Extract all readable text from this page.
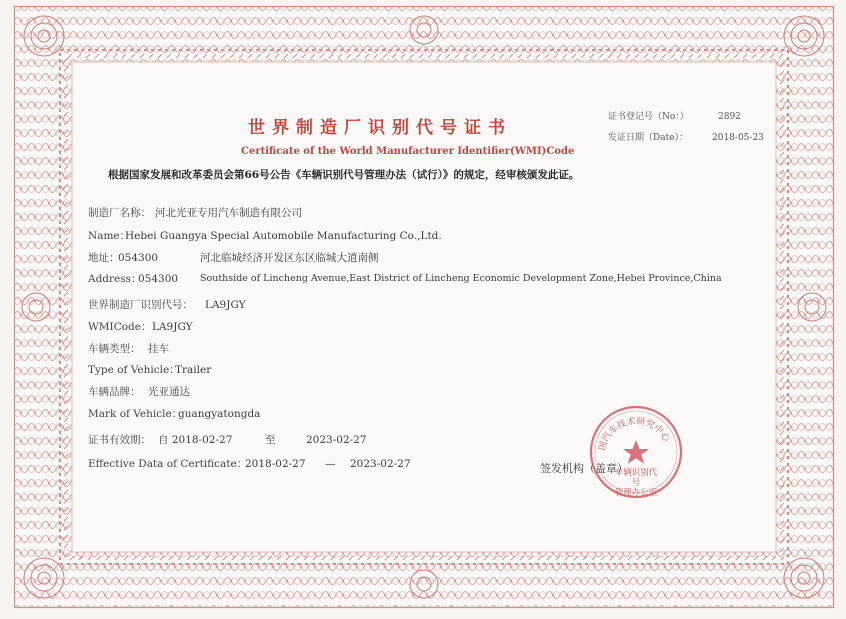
世界制造厂识别代号证书
Certificate of the World Manufacturer Identifier(WMI)Code
证书登记号（No：）	2892
发证日期（Date）：	2018-05-23
根据国家发展和改革委员会第66号公告《车辆识别代号管理办法（试行）》的规定，经审核颁发此证。
制造厂名称： 河北光亚专用汽车制造有限公司
Name：
Hebei Guangya Special Automobile Manufacturing Co.,Ltd.
地址：
054300	河北临城经济开发区东区临城大道南侧
Address：
054300 Southside of Lincheng Avenue,East District of Lincheng Economic Development Zone,Hebei Province,China
世界制造厂识别代号： LA9JGY
WMICode： LA9JGY
车辆类型： 挂车
Type of Vehicle：
Trailer
车辆品牌： 光亚通达
Mark of Vehicle：
guangyatongda
证书有效期： 自 2018-02-27	至	2023-02-27
Effective Data of Certificate：
2018-02-27 — 2023-02-27	签发机构（盖章）
国汽车技术研究中心
车辆识别代号
管理办公室
